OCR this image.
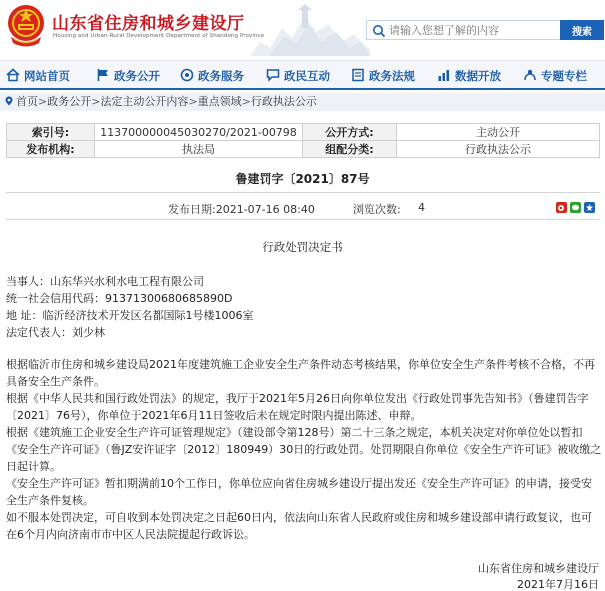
山东省住房和城乡建设厅
Housing and Urban-Rural Development Department of Shandong Province
请输入您想了解的内容	搜索
网站首页	政务公开	政务服务	政民互动	政务法规	数据开放	专题专栏
首页>政务公开>法定主动公开内容>重点领域>行政执法公示
索引号:	113700000045030270/2021-00798	公开方式:	主动公开
发布机构:	执法局	组配分类:	行政执法公示
鲁建罚字〔2021〕87号
发布日期:2021-07-16 08:40	浏览次数: 4
行政处罚决定书
当事人：山东华兴水利水电工程有限公司
统一社会信用代码：91371300680685890D
地 址：临沂经济技术开发区名都国际1号楼1006室
法定代表人：刘少林
根据临沂市住房和城乡建设局2021年度建筑施工企业安全生产条件动态考核结果，你单位安全生产条件考核不合格，不再具备安全生产条件。
根据《中华人民共和国行政处罚法》的规定，我厅于2021年5月26日向你单位发出《行政处罚事先告知书》（鲁建罚告字〔2021〕76号），你单位于2021年6月11日签收后未在规定时限内提出陈述、申辩。
根据《建筑施工企业安全生产许可证管理规定》（建设部令第128号）第二十三条之规定，本机关决定对你单位处以暂扣《安全生产许可证》（鲁JZ安许证字〔2012〕180949）30日的行政处罚。处罚期限自你单位《安全生产许可证》被收缴之日起计算。
《安全生产许可证》暂扣期满前10个工作日，你单位应向省住房城乡建设厅提出发还《安全生产许可证》的申请，接受安全生产条件复核。
如不服本处罚决定，可自收到本处罚决定之日起60日内，依法向山东省人民政府或住房和城乡建设部申请行政复议，也可在6个月内向济南市市中区人民法院提起行政诉讼。
山东省住房和城乡建设厅
2021年7月16日
